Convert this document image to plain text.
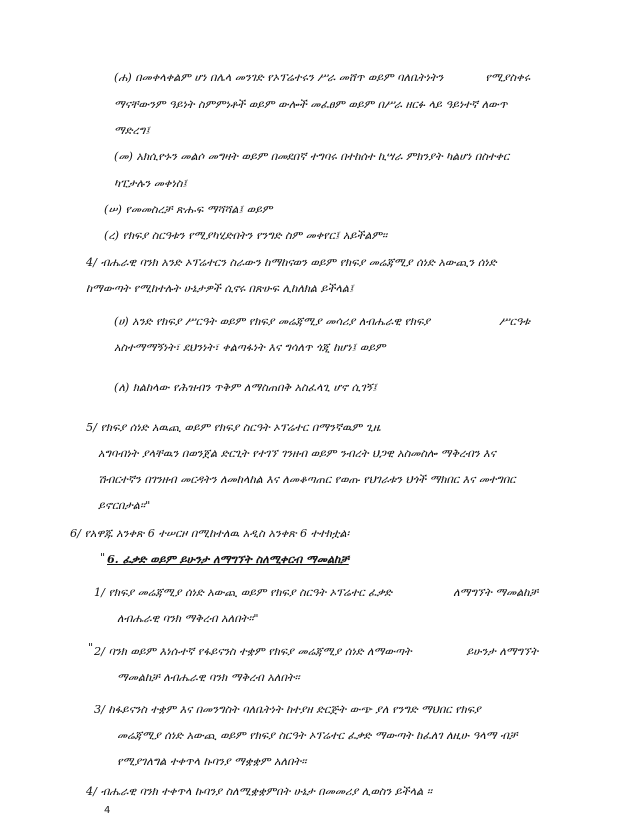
(ሐ) በመቀላቀልም ሆነ በሌላ መንገድ የኦፕሬተሩን ሥራ መሸጥ ወይም ባለቤትነትን	የሚያስቀሩ
ማናቸውንም ዓይነት ስምምነቶች ወይም ውሎች መፈፀም ወይም በሥራ ዘርፉ ላይ ዓይነተኛ ለውጥ
ማድረግ፤
(መ) አክሲዮኑን መልሶ መግዛት ወይም በመደበኛ ተግባሩ በተከሰተ ኪሣራ ምክንያት ካልሆነ በስተቀር
ካፒታሉን መቀነስ፤
(ሠ) የመመስረቻ ጽሑፍ ማሻሻል፤ ወይም
(ረ) የክፍያ ስርዓቱን የሚያካሂድበትን የንግድ ስም መቀየር፤ አይችልም።
4/ ብሔራዊ ባንክ አንድ ኦፕሬተርን ስራውን ከማከናወን ወይም የክፍያ መሬጃሚያ ሰነድ አውጪን ሰነድ
ከማውጣት የሚከተሉት ሁኔታዎች ሲኖሩ በጽሁፍ ሊከለክል ይችላል፤
(ሀ) አንድ የክፍያ ሥርዓት ወይም የክፍያ መሬጃሚያ መሳሪያ ለብሔራዊ የክፍያ	ሥርዓቱ
አስተማማኝነት፣ ደህንነት፣ ቀልጣፋነት እና ግሳለጥ ጎጂ ከሆነ፤ ወይም
(ለ) ክልከላው የሕዝብን ጥቅም ለማስጠበቅ አስፈላጊ ሆኖ ሲገኝ፤
5/ የክፍያ ሰነድ አዉጪ ወይም የክፍያ ስርዓት ኦፕሬተር በማንኛዉም ጊዜ
አግባብነት ያላቸዉን በወንጀል ድርጊት የተገኘ ገንዘብ ወይም ንብረት ህጋዊ አስመስሎ ማቅረብን እና
ሽብርተኛን በገንዘብ መርዳትን ለመከላከል እና ለመቆጣጠር የወጡ የህገራቱን ህጎች ማክበር እና መተግበር
ይኖርበታል።"
6/ የአዋጁ አንቀጽ 6 ተሠርዞ በሚከተለዉ አዲስ አንቀጽ 6 ተተክቷል፡
" 6. ፈቃድ ወይም ይሁንታ ለማግኘት ስለሚቀርብ ማመልከቻ
1/ የክፍያ መሬጃሚያ ሰነድ አውጪ ወይም የክፍያ ስርዓት ኦፕሬተር ፈቃድ	ለማግኘት ማመልከቻ
ለብሔራዊ ባንክ ማቅረብ አለበት።"
" 2/ ባንክ ወይም እነሱተኛ የፋይናንስ ተቋም የክፍያ መሬጃሚያ ሰነድ ለማውጣት	ይሁንታ ለማግኘት
ማመልከቻ ለብሔራዊ ባንክ ማቅረብ አለበት።
3/ ከፋይናንስ ተቋም እና በመንግስት ባለቤትነት ከተያዘ ድርጅት ውጭ ያለ የንግድ ማህበር የክፍያ
መሬጃሚያ ሰነድ አውጪ ወይም የክፍያ ስርዓት ኦፕሬተር ፈቃድ ማውጣት ከፈለገ ለዚሁ ዓላማ ብቻ
የሚያገለግል ተቀጥላ ኩባንያ ማቋቋም አለበት።
4/ ብሔራዊ ባንክ ተቀጥላ ኩባንያ ስለሚቋቋምበት ሁኔታ በመመሪያ ሊወስን ይችላል ።
4
